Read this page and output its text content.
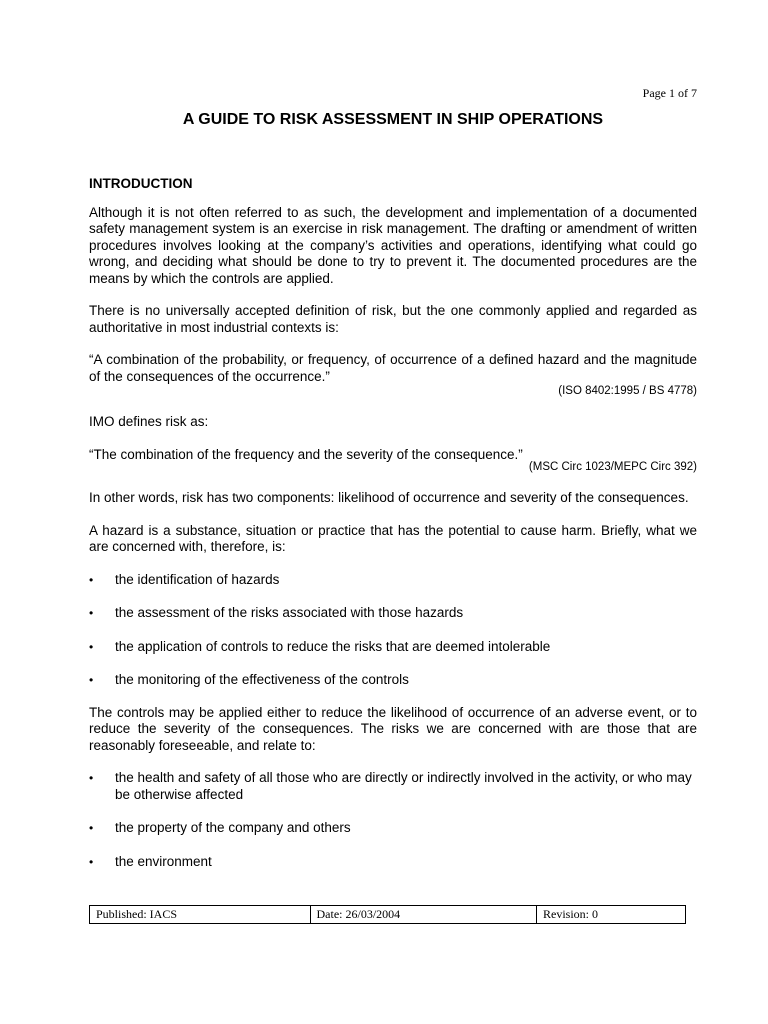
Page 1 of 7
A GUIDE TO RISK ASSESSMENT IN SHIP OPERATIONS
INTRODUCTION

Although it is not often referred to as such, the development and implementation of a documented safety management system is an exercise in risk management. The drafting or amendment of written procedures involves looking at the company’s activities and operations, identifying what could go wrong, and deciding what should be done to try to prevent it. The documented procedures are the means by which the controls are applied.

There is no universally accepted definition of risk, but the one commonly applied and regarded as authoritative in most industrial contexts is:

“A combination of the probability, or frequency, of occurrence of a defined hazard and the magnitude of the consequences of the occurrence.”

(ISO 8402:1995 / BS 4778)

IMO defines risk as:

“The combination of the frequency and the severity of the consequence.”

(MSC Circ 1023/MEPC Circ 392)

In other words, risk has two components: likelihood of occurrence and severity of the consequences.

A hazard is a substance, situation or practice that has the potential to cause harm. Briefly, what we are concerned with, therefore, is:

• the identification of hazards
• the assessment of the risks associated with those hazards
• the application of controls to reduce the risks that are deemed intolerable
• the monitoring of the effectiveness of the controls

The controls may be applied either to reduce the likelihood of occurrence of an adverse event, or to reduce the severity of the consequences. The risks we are concerned with are those that are reasonably foreseeable, and relate to:

• the health and safety of all those who are directly or indirectly involved in the activity, or who may be otherwise affected
• the property of the company and others
• the environment
Published: IACS	Date: 26/03/2004	Revision: 0
